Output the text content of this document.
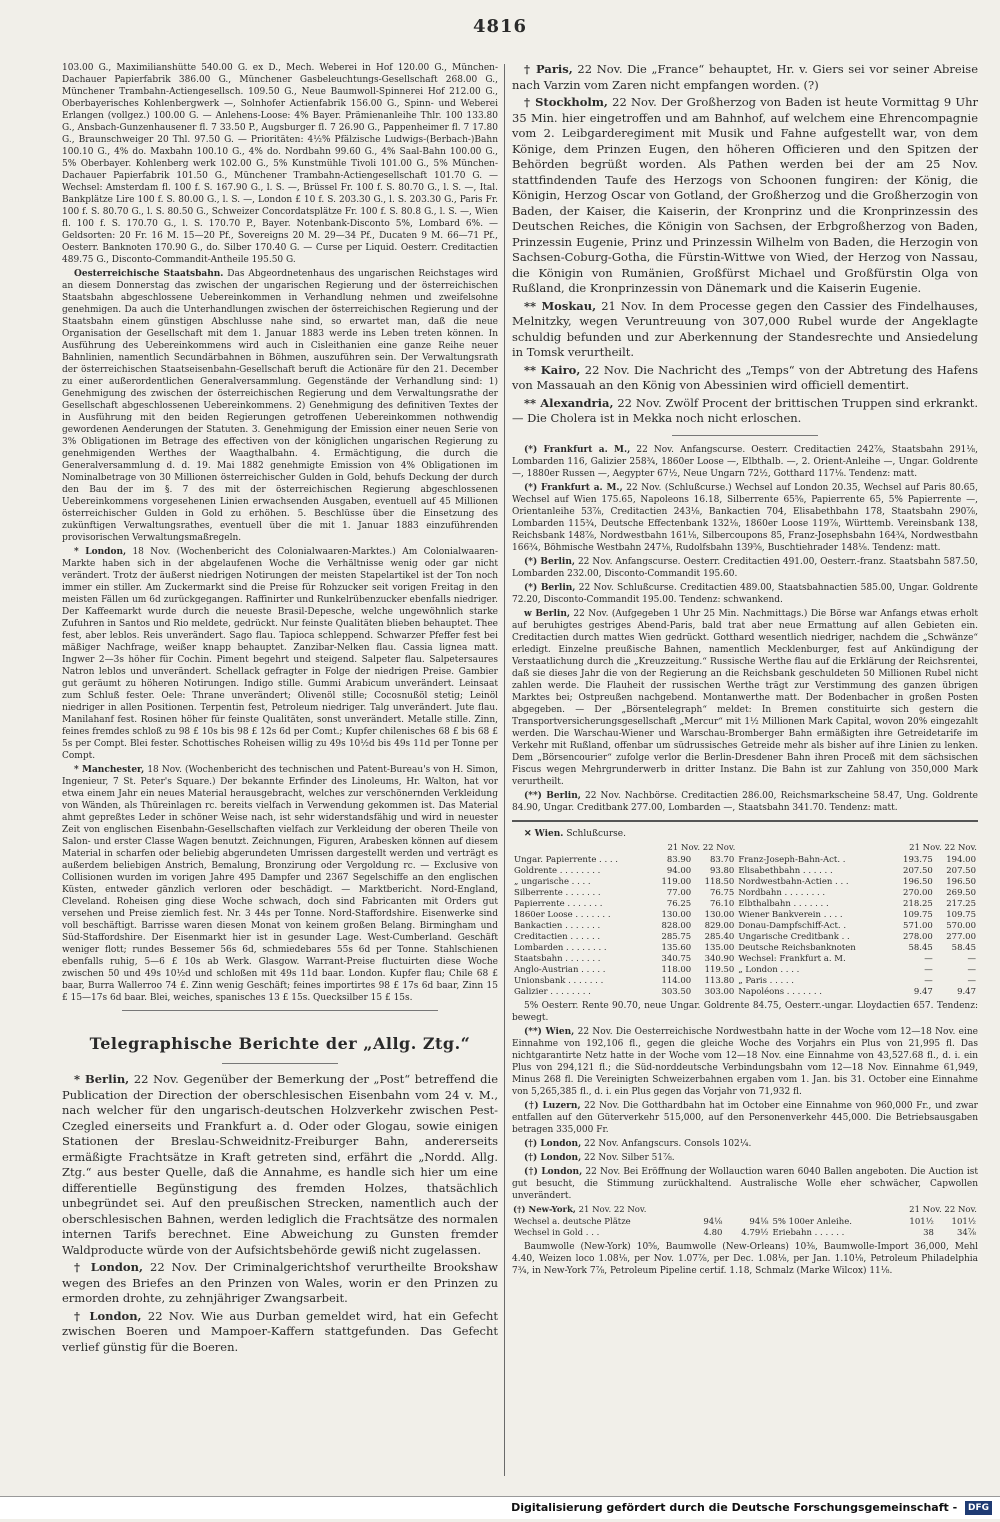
4816

103.00 G., Maximilianshütte 540.00 G. ex D., Mech. Weberei in Hof 120.00 G., München-Dachauer Papierfabrik 386.00 G., Münchener Gasbeleuchtungs-Gesellschaft 268.00 G., Münchener Trambahn-Actiengesellsch. 109.50 G., Neue Baumwoll-Spinnerei Hof 212.00 G., Oberbayerisches Kohlenbergwerk —, Solnhofer Actienfabrik 156.00 G., Spinn- und Weberei Erlangen (vollgez.) 100.00 G. — Anlehens-Loose: 4% Bayer. Prämienanleihe Thlr. 100 133.80 G., Ansbach-Gunzenhausener fl. 7 33.50 P., Augsburger fl. 7 26.90 G., Pappenheimer fl. 7 17.80 G., Braunschweiger 20 Thl. 97.50 G. — Prioritäten: 4½% Pfälzische Ludwigs-(Berbach-)Bahn 100.10 G., 4% do. Maxbahn 100.10 G., 4% do. Nordbahn 99.60 G., 4% Saal-Bahn 100.00 G., 5% Oberbayer. Kohlenberg werk 102.00 G., 5% Kunstmühle Tivoli 101.00 G., 5% München-Dachauer Papierfabrik 101.50 G., Münchener Trambahn-Actiengesellschaft 101.70 G. — Wechsel: Amsterdam fl. 100 f. S. 167.90 G., l. S. —, Brüssel Fr. 100 f. S. 80.70 G., l. S. —, Ital. Bankplätze Lire 100 f. S. 80.00 G., l. S. —, London £ 10 f. S. 203.30 G., l. S. 203.30 G., Paris Fr. 100 f. S. 80.70 G., l. S. 80.50 G., Schweizer Concordatsplätze Fr. 100 f. S. 80.8 G., l. S. —, Wien fl. 100 f. S. 170.70 G., l. S. 170.70 P., Bayer. Notenbank-Disconto 5%, Lombard 6%. — Geldsorten: 20 Fr. 16 M. 15—20 Pf., Sovereigns 20 M. 29—34 Pf., Ducaten 9 M. 66—71 Pf., Oesterr. Banknoten 170.90 G., do. Silber 170.40 G. — Curse per Liquid. Oesterr. Creditactien 489.75 G., Disconto-Commandit-Antheile 195.50 G.

Oesterreichische Staatsbahn. Das Abgeordnetenhaus des ungarischen Reichstages wird an diesem Donnerstag das zwischen der ungarischen Regierung und der österreichischen Staatsbahn abgeschlossene Uebereinkommen in Verhandlung nehmen und zweifelsohne genehmigen. Da auch die Unterhandlungen zwischen der österreichischen Regierung und der Staatsbahn einem günstigen Abschlusse nahe sind, so erwartet man, daß die neue Organisation der Gesellschaft mit dem 1. Januar 1883 werde ins Leben treten können. In Ausführung des Uebereinkommens wird auch in Cisleithanien eine ganze Reihe neuer Bahnlinien, namentlich Secundärbahnen in Böhmen, auszuführen sein. Der Verwaltungsrath der österreichischen Staatseisenbahn-Gesellschaft beruft die Actionäre für den 21. December zu einer außerordentlichen Generalversammlung. Gegenstände der Verhandlung sind: 1) Genehmigung des zwischen der österreichischen Regierung und dem Verwaltungsrathe der Gesellschaft abgeschlossenen Uebereinkommens. 2) Genehmigung des definitiven Textes der in Ausführung mit den beiden Regierungen getroffenen Uebereinkommen nothwendig gewordenen Aenderungen der Statuten. 3. Genehmigung der Emission einer neuen Serie von 3% Obligationen im Betrage des effectiven von der königlichen ungarischen Regierung zu genehmigenden Werthes der Waagthalbahn. 4. Ermächtigung, die durch die Generalversammlung d. d. 19. Mai 1882 genehmigte Emission von 4% Obligationen im Nominalbetrage von 30 Millionen österreichischer Gulden in Gold, behufs Deckung der durch den Bau der im §. 7 des mit der österreichischen Regierung abgeschlossenen Uebereinkommens vorgesehenen Linien erwachsenden Ausgaben, eventuell auf 45 Millionen österreichischer Gulden in Gold zu erhöhen. 5. Beschlüsse über die Einsetzung des zukünftigen Verwaltungsrathes, eventuell über die mit 1. Januar 1883 einzuführenden provisorischen Verwaltungsmaßregeln.

* London, 18 Nov. (Wochenbericht des Colonialwaaren-Marktes.) Am Colonialwaaren-Markte haben sich in der abgelaufenen Woche die Verhältnisse wenig oder gar nicht verändert. Trotz der äußerst niedrigen Notirungen der meisten Stapelartikel ist der Ton noch immer ein stiller. Am Zuckermarkt sind die Preise für Rohzucker seit vorigen Freitag in den meisten Fällen um 6d zurückgegangen. Raffinirter und Runkelrübenzucker ebenfalls niedriger. Der Kaffeemarkt wurde durch die neueste Brasil-Depesche, welche ungewöhnlich starke Zufuhren in Santos und Rio meldete, gedrückt. Nur feinste Qualitäten blieben behauptet. Thee fest, aber leblos. Reis unverändert. Sago flau. Tapioca schleppend. Schwarzer Pfeffer fest bei mäßiger Nachfrage, weißer knapp behauptet. Zanzibar-Nelken flau. Cassia lignea matt. Ingwer 2—3s höher für Cochin. Piment begehrt und steigend. Salpeter flau. Salpetersaures Natron leblos und unverändert. Schellack gefragter in Folge der niedrigen Preise. Gambier gut geräumt zu höheren Notirungen. Indigo stille. Gummi Arabicum unverändert. Leinsaat zum Schluß fester. Oele: Thrane unverändert; Olivenöl stille; Cocosnußöl stetig; Leinöl niedriger in allen Positionen. Terpentin fest, Petroleum niedriger. Talg unverändert. Jute flau. Manilahanf fest. Rosinen höher für feinste Qualitäten, sonst unverändert. Metalle stille. Zinn, feines fremdes schloß zu 98 £ 10s bis 98 £ 12s 6d per Comt.; Kupfer chilenisches 68 £ bis 68 £ 5s per Compt. Blei fester. Schottisches Roheisen willig zu 49s 10½d bis 49s 11d per Tonne per Compt.

* Manchester, 18 Nov. (Wochenbericht des technischen und Patent-Bureau's von H. Simon, Ingenieur, 7 St. Peter's Square.) Der bekannte Erfinder des Linoleums, Hr. Walton, hat vor etwa einem Jahr ein neues Material herausgebracht, welches zur verschönernden Verkleidung von Wänden, als Thüreinlagen rc. bereits vielfach in Verwendung gekommen ist. Das Material ahmt gepreßtes Leder in schöner Weise nach, ist sehr widerstandsfähig und wird in neuester Zeit von englischen Eisenbahn-Gesellschaften vielfach zur Verkleidung der oberen Theile von Salon- und erster Classe Wagen benutzt. Zeichnungen, Figuren, Arabesken können auf diesem Material in scharfen oder beliebig abgerundeten Umrissen dargestellt werden und verträgt es außerdem beliebigen Anstrich, Bemalung, Bronzirung oder Vergoldung rc. — Exclusive von Collisionen wurden im vorigen Jahre 495 Dampfer und 2367 Segelschiffe an den englischen Küsten, entweder gänzlich verloren oder beschädigt. — Marktbericht. Nord-England, Cleveland. Roheisen ging diese Woche schwach, doch sind Fabricanten mit Orders gut versehen und Preise ziemlich fest. Nr. 3 44s per Tonne. Nord-Staffordshire. Eisenwerke sind voll beschäftigt. Barrisse waren diesen Monat von keinem großen Belang. Birmingham und Süd-Staffordshire. Der Eisenmarkt hier ist in gesunder Lage. West-Cumberland. Geschäft weniger flott; rundes Bessemer 56s 6d, schmiedebares 55s 6d per Tonne. Stahlschienen ebenfalls ruhig, 5—6 £ 10s ab Werk. Glasgow. Warrant-Preise fluctuirten diese Woche zwischen 50 und 49s 10½d und schloßen mit 49s 11d baar. London. Kupfer flau; Chile 68 £ baar, Burra Wallerroo 74 £. Zinn wenig Geschäft; feines importirtes 98 £ 17s 6d baar, Zinn 15 £ 15—17s 6d baar. Blei, weiches, spanisches 13 £ 15s. Quecksilber 15 £ 15s.

Telegraphische Berichte der „Allg. Ztg.“

* Berlin, 22 Nov. Gegenüber der Bemerkung der „Post“ betreffend die Publication der Direction der oberschlesischen Eisenbahn vom 24 v. M., nach welcher für den ungarisch-deutschen Holzverkehr zwischen Pest-Czegled einerseits und Frankfurt a. d. Oder oder Glogau, sowie einigen Stationen der Breslau-Schweidnitz-Freiburger Bahn, andererseits ermäßigte Frachtsätze in Kraft getreten sind, erfährt die „Nordd. Allg. Ztg.“ aus bester Quelle, daß die Annahme, es handle sich hier um eine differentielle Begünstigung des fremden Holzes, thatsächlich unbegründet sei. Auf den preußischen Strecken, namentlich auch der oberschlesischen Bahnen, werden lediglich die Frachtsätze des normalen internen Tarifs berechnet. Eine Abweichung zu Gunsten fremder Waldproducte würde von der Aufsichtsbehörde gewiß nicht zugelassen.

† London, 22 Nov. Der Criminalgerichtshof verurtheilte Brookshaw wegen des Briefes an den Prinzen von Wales, worin er den Prinzen zu ermorden drohte, zu zehnjähriger Zwangsarbeit.

† London, 22 Nov. Wie aus Durban gemeldet wird, hat ein Gefecht zwischen Boeren und Mampoer-Kaffern stattgefunden. Das Gefecht verlief günstig für die Boeren.

† Paris, 22 Nov. Die „France“ behauptet, Hr. v. Giers sei vor seiner Abreise nach Varzin vom Zaren nicht empfangen worden. (?)

† Stockholm, 22 Nov. Der Großherzog von Baden ist heute Vormittag 9 Uhr 35 Min. hier eingetroffen und am Bahnhof, auf welchem eine Ehrencompagnie vom 2. Leibgarderegiment mit Musik und Fahne aufgestellt war, von dem Könige, dem Prinzen Eugen, den höheren Officieren und den Spitzen der Behörden begrüßt worden. Als Pathen werden bei der am 25 Nov. stattfindenden Taufe des Herzogs von Schoonen fungiren: der König, die Königin, Herzog Oscar von Gotland, der Großherzog und die Großherzogin von Baden, der Kaiser, die Kaiserin, der Kronprinz und die Kronprinzessin des Deutschen Reiches, die Königin von Sachsen, der Erbgroßherzog von Baden, Prinzessin Eugenie, Prinz und Prinzessin Wilhelm von Baden, die Herzogin von Sachsen-Coburg-Gotha, die Fürstin-Wittwe von Wied, der Herzog von Nassau, die Königin von Rumänien, Großfürst Michael und Großfürstin Olga von Rußland, die Kronprinzessin von Dänemark und die Kaiserin Eugenie.

** Moskau, 21 Nov. In dem Processe gegen den Cassier des Findelhauses, Melnitzky, wegen Veruntreuung von 307,000 Rubel wurde der Angeklagte schuldig befunden und zur Aberkennung der Standesrechte und Ansiedelung in Tomsk verurtheilt.

** Kairo, 22 Nov. Die Nachricht des „Temps“ von der Abtretung des Hafens von Massauah an den König von Abessinien wird officiell dementirt.

** Alexandria, 22 Nov. Zwölf Procent der brittischen Truppen sind erkrankt. — Die Cholera ist in Mekka noch nicht erloschen.

(*) Frankfurt a. M., 22 Nov. Anfangscurse. Oesterr. Creditactien 242⅞, Staatsbahn 291⅛, Lombarden 116, Galizier 258¾, 1860er Loose —, Elbthalb. —, 2. Orient-Anleihe —, Ungar. Goldrente —, 1880er Russen —, Aegypter 67½, Neue Ungarn 72½, Gotthard 117⅛. Tendenz: matt.

(*) Frankfurt a. M., 22 Nov. (Schlußcurse.) Wechsel auf London 20.35, Wechsel auf Paris 80.65, Wechsel auf Wien 175.65, Napoleons 16.18, Silberrente 65⅝, Papierrente 65, 5% Papierrente —, Orientanleihe 53⅞, Creditactien 243⅛, Bankactien 704, Elisabethbahn 178, Staatsbahn 290⅞, Lombarden 115¾, Deutsche Effectenbank 132⅛, 1860er Loose 119⅞, Württemb. Vereinsbank 138, Reichsbank 148⅞, Nordwestbahn 161⅛, Silbercoupons 85, Franz-Josephsbahn 164¾, Nordwestbahn 166¾, Böhmische Westbahn 247⅛, Rudolfsbahn 139⅝, Buschtiehrader 148⅛. Tendenz: matt.

(*) Berlin, 22 Nov. Anfangscurse. Oesterr. Creditactien 491.00, Oesterr.-franz. Staatsbahn 587.50, Lombarden 232.00, Disconto-Commandit 195.60.

(*) Berlin, 22 Nov. Schlußcurse. Creditactien 489.00, Staatsbahnactien 585.00, Ungar. Goldrente 72.20, Disconto-Commandit 195.00. Tendenz: schwankend.

w Berlin, 22 Nov. (Aufgegeben 1 Uhr 25 Min. Nachmittags.) Die Börse war Anfangs etwas erholt auf beruhigtes gestriges Abend-Paris, bald trat aber neue Ermattung auf allen Gebieten ein. Creditactien durch mattes Wien gedrückt. Gotthard wesentlich niedriger, nachdem die „Schwänze“ erledigt. Einzelne preußische Bahnen, namentlich Mecklenburger, fest auf Ankündigung der Verstaatlichung durch die „Kreuzzeitung.“ Russische Werthe flau auf die Erklärung der Reichsrentei, daß sie dieses Jahr die von der Regierung an die Reichsbank geschuldeten 50 Millionen Rubel nicht zahlen werde. Die Flauheit der russischen Werthe trägt zur Verstimmung des ganzen übrigen Marktes bei; Ostpreußen nachgebend. Montanwerthe matt. Der Bodenbacher in großen Posten abgegeben. — Der „Börsentelegraph“ meldet: In Bremen constituirte sich gestern die Transportversicherungsgesellschaft „Mercur“ mit 1½ Millionen Mark Capital, wovon 20% eingezahlt werden. Die Warschau-Wiener und Warschau-Bromberger Bahn ermäßigten ihre Getreidetarife im Verkehr mit Rußland, offenbar um südrussisches Getreide mehr als bisher auf ihre Linien zu lenken. Dem „Börsencourier“ zufolge verlor die Berlin-Dresdener Bahn ihren Proceß mit dem sächsischen Fiscus wegen Mehrgrunderwerb in dritter Instanz. Die Bahn ist zur Zahlung von 350,000 Mark verurtheilt.

(**) Berlin, 22 Nov. Nachbörse. Creditactien 286.00, Reichsmarkscheine 58.47, Ung. Goldrente 84.90, Ungar. Creditbank 277.00, Lombarden —, Staatsbahn 341.70. Tendenz: matt.

✕ Wien. Schlußcurse.

21 Nov. 22 Nov.			21 Nov. 22 Nov.		
Ungar. Papierrente . . . .	83.90	83.70	Franz-Joseph-Bahn-Act. .	193.75	194.00
Goldrente . . . . . . . .	94.00	93.80	Elisabethbahn . . . . . .	207.50	207.50
„ ungarische . . . .	119.00	118.50	Nordwestbahn-Actien . . .	196.50	196.50
Silberrente . . . . . . .	77.00	76.75	Nordbahn . . . . . . . .	270.00	269.50
Papierrente . . . . . . .	76.25	76.10	Elbthalbahn . . . . . . .	218.25	217.25
1860er Loose . . . . . . .	130.00	130.00	Wiener Bankverein . . . .	109.75	109.75
Bankactien . . . . . . .	828.00	829.00	Donau-Dampfschiff-Act. .	571.00	570.00
Creditactien . . . . . .	285.75	285.40	Ungarische Creditbank . .	278.00	277.00
Lombarden . . . . . . . .	135.60	135.00	Deutsche Reichsbanknoten	58.45	58.45
Staatsbahn . . . . . . .	340.75	340.90	Wechsel: Frankfurt a. M.	—	—
Anglo-Austrian . . . . .	118.00	119.50	„ London . . . .	—	—
Unionsbank . . . . . . .	114.00	113.80	„ Paris . . . . .	—	—
Galizier . . . . . . . .	303.50	303.00	Napoléons . . . . . . .	9.47	9.47

5% Oesterr. Rente 90.70, neue Ungar. Goldrente 84.75, Oesterr.-ungar. Lloydactien 657. Tendenz: bewegt.

(**) Wien, 22 Nov. Die Oesterreichische Nordwestbahn hatte in der Woche vom 12—18 Nov. eine Einnahme von 192,106 fl., gegen die gleiche Woche des Vorjahrs ein Plus von 21,995 fl. Das nichtgarantirte Netz hatte in der Woche vom 12—18 Nov. eine Einnahme von 43,527.68 fl., d. i. ein Plus von 294,121 fl.; die Süd-norddeutsche Verbindungsbahn vom 12—18 Nov. Einnahme 61,949, Minus 268 fl. Die Vereinigten Schweizerbahnen ergaben vom 1. Jan. bis 31. October eine Einnahme von 5,265,385 fl., d. i. ein Plus gegen das Vorjahr von 71,932 fl.

(†) Luzern, 22 Nov. Die Gotthardbahn hat im October eine Einnahme von 960,000 Fr., und zwar entfallen auf den Güterverkehr 515,000, auf den Personenverkehr 445,000. Die Betriebsausgaben betragen 335,000 Fr.

(†) London, 22 Nov. Anfangscurs. Consols 102¼.

(†) London, 22 Nov. Silber 51⅞.

(†) London, 22 Nov. Bei Eröffnung der Wollauction waren 6040 Ballen angeboten. Die Auction ist gut besucht, die Stimmung zurückhaltend. Australische Wolle eher schwächer, Capwollen unverändert.

(†) New-York, 21 Nov. 22 Nov.			21 Nov. 22 Nov.		
Wechsel a. deutsche Plätze	94⅛	94⅛	5% 100er Anleihe.	101½	101½
Wechsel in Gold . . .	4.80	4.79½	Eriebahn . . . . . .	38	34⅞

Baumwolle (New-York) 10⅝, Baumwolle (New-Orleans) 10⅜, Baumwolle-Import 36,000, Mehl 4.40, Weizen loco 1.08⅛, per Nov. 1.07⅞, per Dec. 1.08⅛, per Jan. 1.10⅛, Petroleum Philadelphia 7¾, in New-York 7⅞, Petroleum Pipeline certif. 1.18, Schmalz (Marke Wilcox) 11⅛.

Digitalisierung gefördert durch die Deutsche Forschungsgemeinschaft - DFG
